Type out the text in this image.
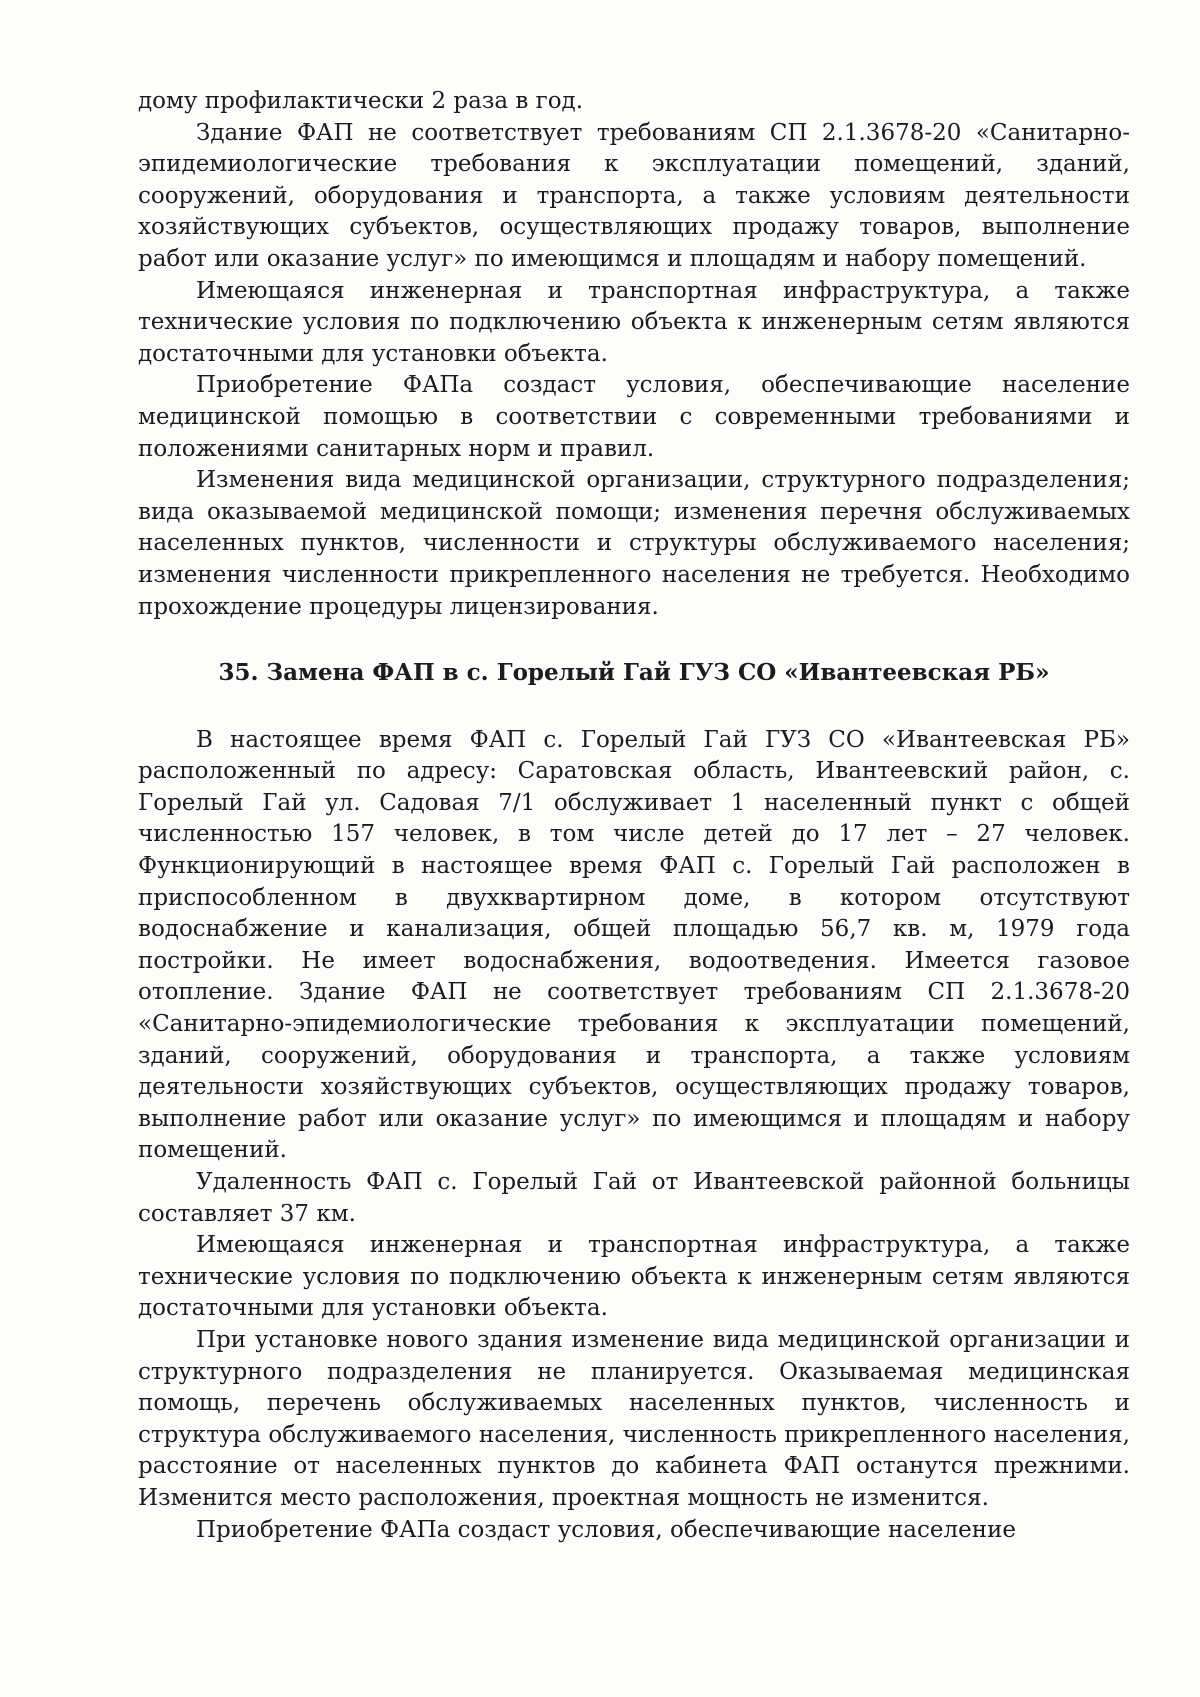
дому профилактически 2 раза в год.

Здание ФАП не соответствует требованиям СП 2.1.3678-20 «Санитарно-эпидемиологические требования к эксплуатации помещений, зданий, сооружений, оборудования и транспорта, а также условиям деятельности хозяйствующих субъектов, осуществляющих продажу товаров, выполнение работ или оказание услуг» по имеющимся и площадям и набору помещений.

Имеющаяся инженерная и транспортная инфраструктура, а также технические условия по подключению объекта к инженерным сетям являются достаточными для установки объекта.

Приобретение ФАПа создаст условия, обеспечивающие население медицинской помощью в соответствии с современными требованиями и положениями санитарных норм и правил.

Изменения вида медицинской организации, структурного подразделения; вида оказываемой медицинской помощи; изменения перечня обслуживаемых населенных пунктов, численности и структуры обслуживаемого населения; изменения численности прикрепленного населения не требуется. Необходимо прохождение процедуры лицензирования.

35. Замена ФАП в с. Горелый Гай ГУЗ СО «Ивантеевская РБ»

В настоящее время ФАП с. Горелый Гай ГУЗ СО «Ивантеевская РБ» расположенный по адресу: Саратовская область, Ивантеевский район, с. Горелый Гай ул. Садовая 7/1 обслуживает 1 населенный пункт с общей численностью 157 человек, в том числе детей до 17 лет – 27 человек. Функционирующий в настоящее время ФАП с. Горелый Гай расположен в приспособленном в двухквартирном доме, в котором отсутствуют водоснабжение и канализация, общей площадью 56,7 кв. м, 1979 года постройки. Не имеет водоснабжения, водоотведения. Имеется газовое отопление. Здание ФАП не соответствует требованиям СП 2.1.3678-20 «Санитарно-эпидемиологические требования к эксплуатации помещений, зданий, сооружений, оборудования и транспорта, а также условиям деятельности хозяйствующих субъектов, осуществляющих продажу товаров, выполнение работ или оказание услуг» по имеющимся и площадям и набору помещений.

Удаленность ФАП с. Горелый Гай от Ивантеевской районной больницы составляет 37 км.

Имеющаяся инженерная и транспортная инфраструктура, а также технические условия по подключению объекта к инженерным сетям являются достаточными для установки объекта.

При установке нового здания изменение вида медицинской организации и структурного подразделения не планируется. Оказываемая медицинская помощь, перечень обслуживаемых населенных пунктов, численность и структура обслуживаемого населения, численность прикрепленного населения, расстояние от населенных пунктов до кабинета ФАП останутся прежними. Изменится место расположения, проектная мощность не изменится.

Приобретение ФАПа создаст условия, обеспечивающие население
